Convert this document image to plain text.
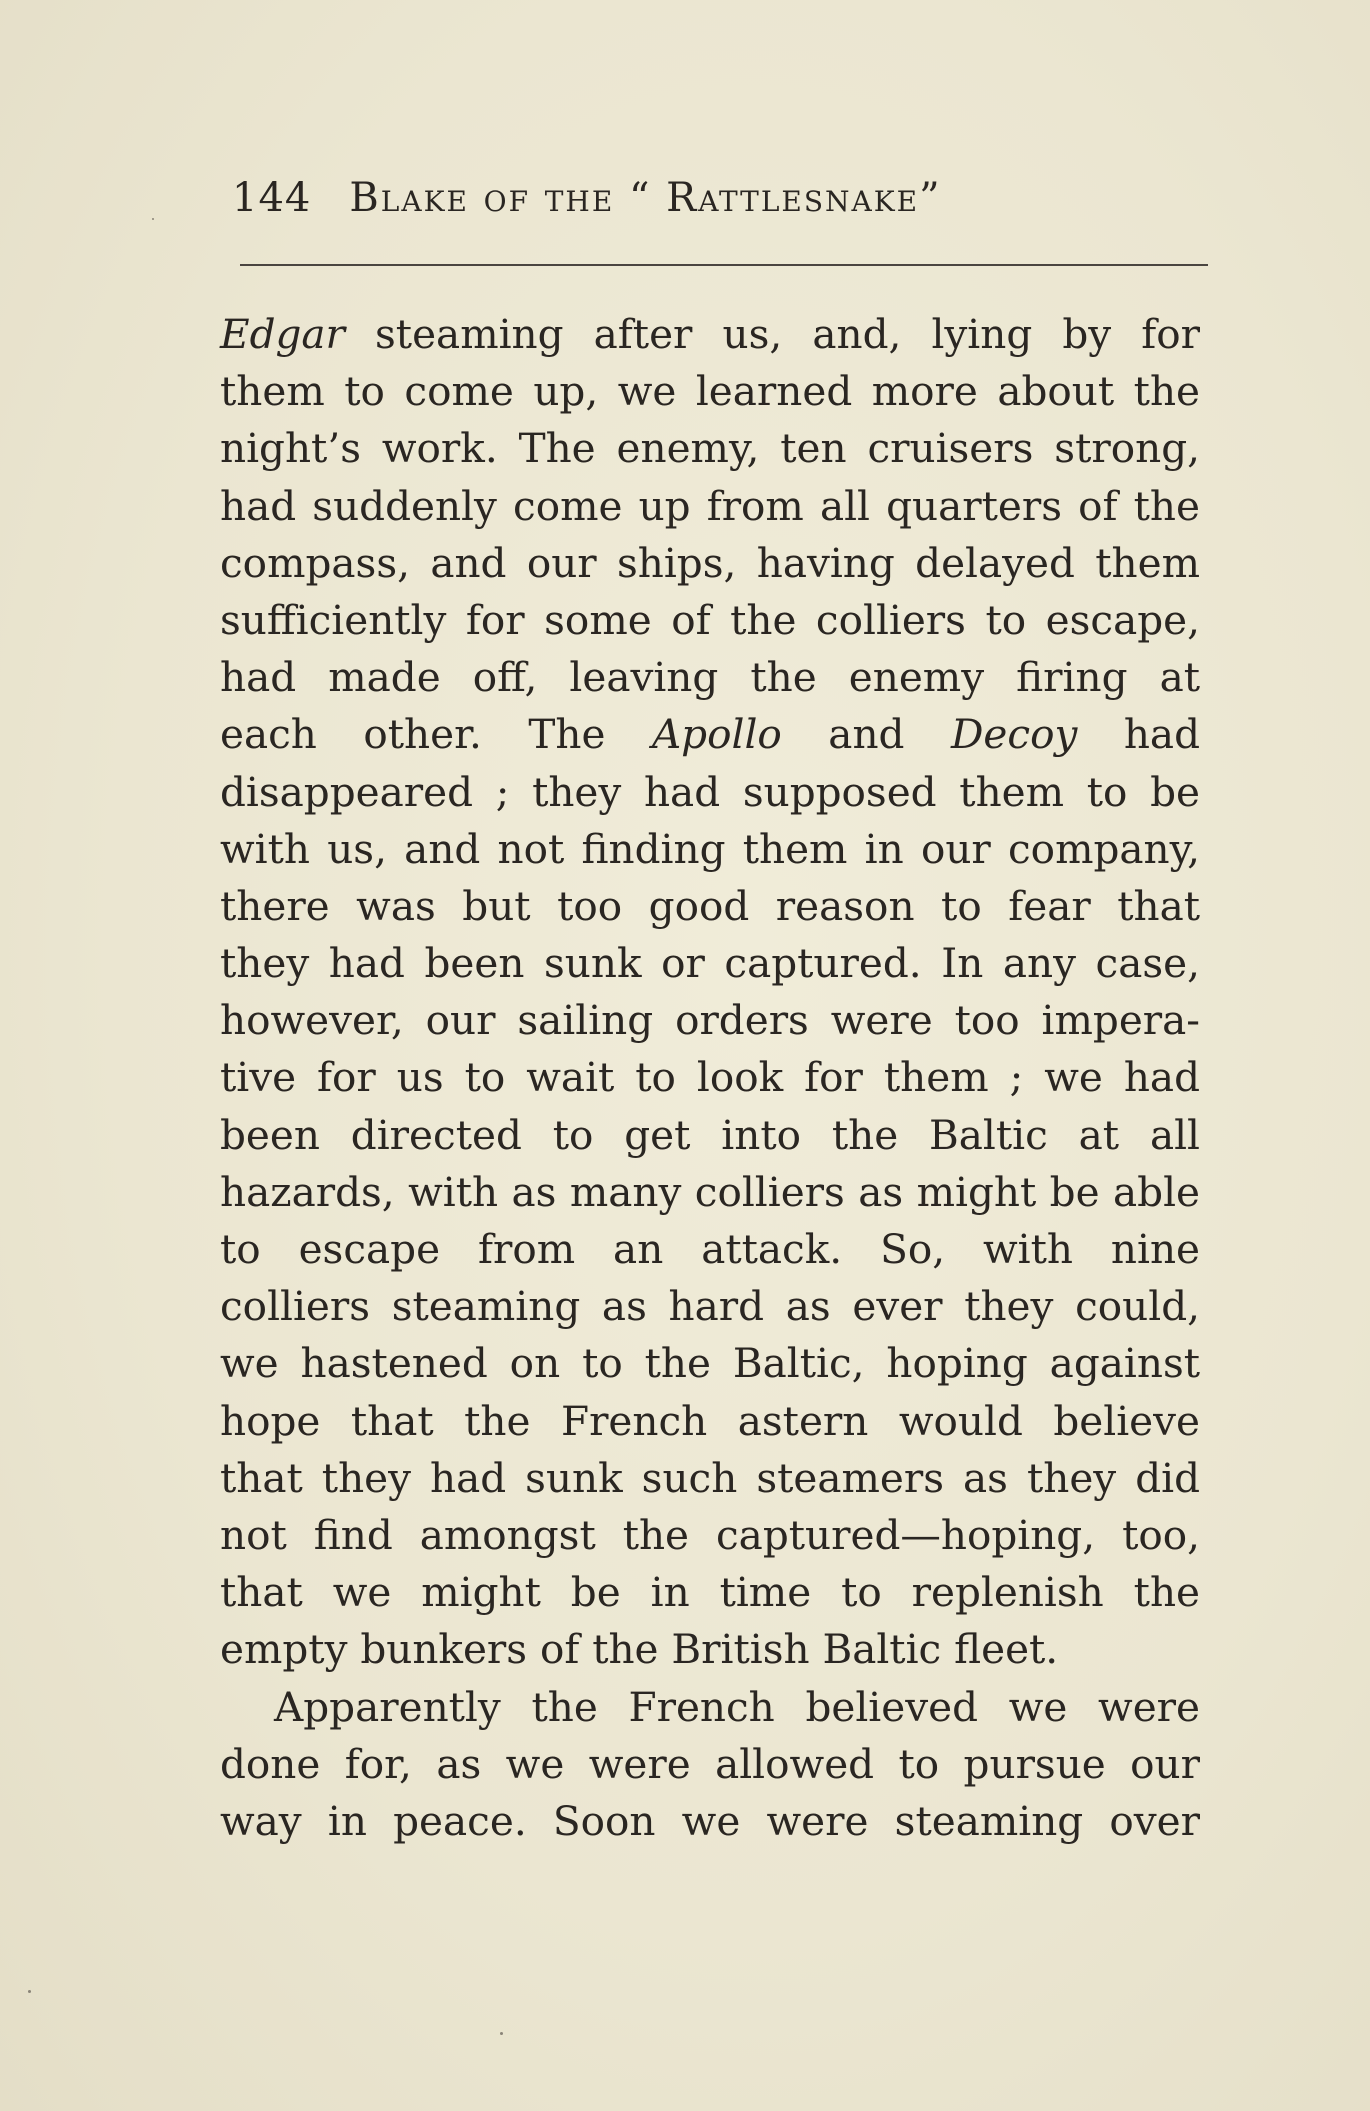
144 Blake of the “ Rattlesnake”
Edgar steaming after us, and, lying by for
them to come up, we learned more about the
night’s work. The enemy, ten cruisers strong,
had suddenly come up from all quarters of the
compass, and our ships, having delayed them
sufficiently for some of the colliers to escape,
had made off, leaving the enemy firing at
each other. The Apollo and Decoy had
disappeared ; they had supposed them to be
with us, and not finding them in our company,
there was but too good reason to fear that
they had been sunk or captured. In any case,
however, our sailing orders were too impera-
tive for us to wait to look for them ; we had
been directed to get into the Baltic at all
hazards, with as many colliers as might be able
to escape from an attack. So, with nine
colliers steaming as hard as ever they could,
we hastened on to the Baltic, hoping against
hope that the French astern would believe
that they had sunk such steamers as they did
not find amongst the captured—hoping, too,
that we might be in time to replenish the
empty bunkers of the British Baltic fleet.
Apparently the French believed we were
done for, as we were allowed to pursue our
way in peace. Soon we were steaming over
